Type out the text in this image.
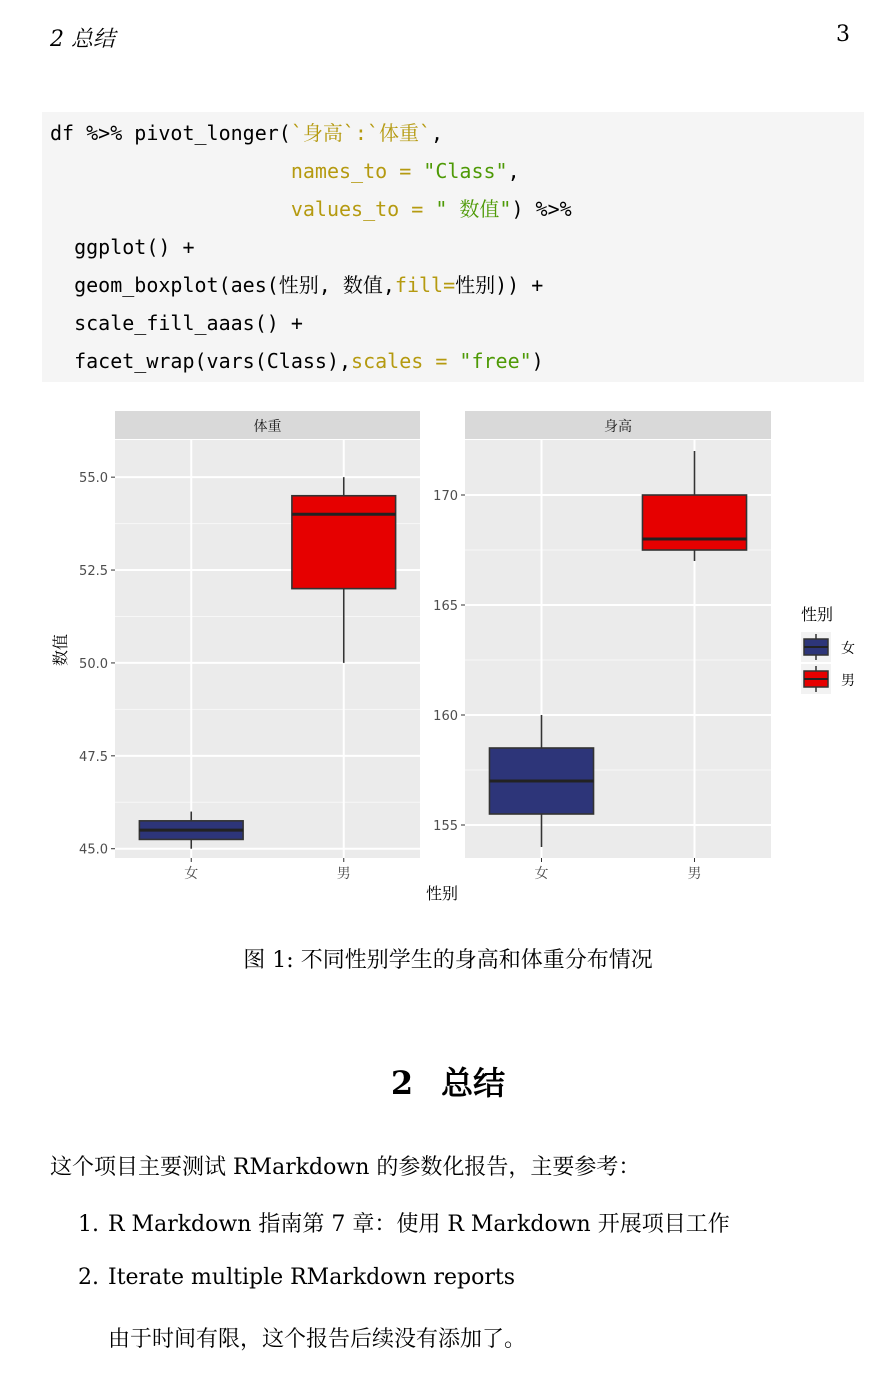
2 总结	3
df %>% pivot_longer(`身高`:`体重`,
names_to = "Class",
values_to = " 数值") %>%
ggplot() +
geom_boxplot(aes(性别, 数值,fill=性别)) +
scale_fill_aaas() +
facet_wrap(vars(Class),scales = "free")
体重
45.0
47.5
50.0
52.5
55.0
女	男
身高
155
160
165
170
女	男
性别
数值
性别
女
男
图 1: 不同性别学生的身高和体重分布情况
2 总结
这个项目主要测试 RMarkdown 的参数化报告，主要参考：
1. R Markdown 指南第 7 章：使用 R Markdown 开展项目工作
2. Iterate multiple RMarkdown reports
由于时间有限，这个报告后续没有添加了。
